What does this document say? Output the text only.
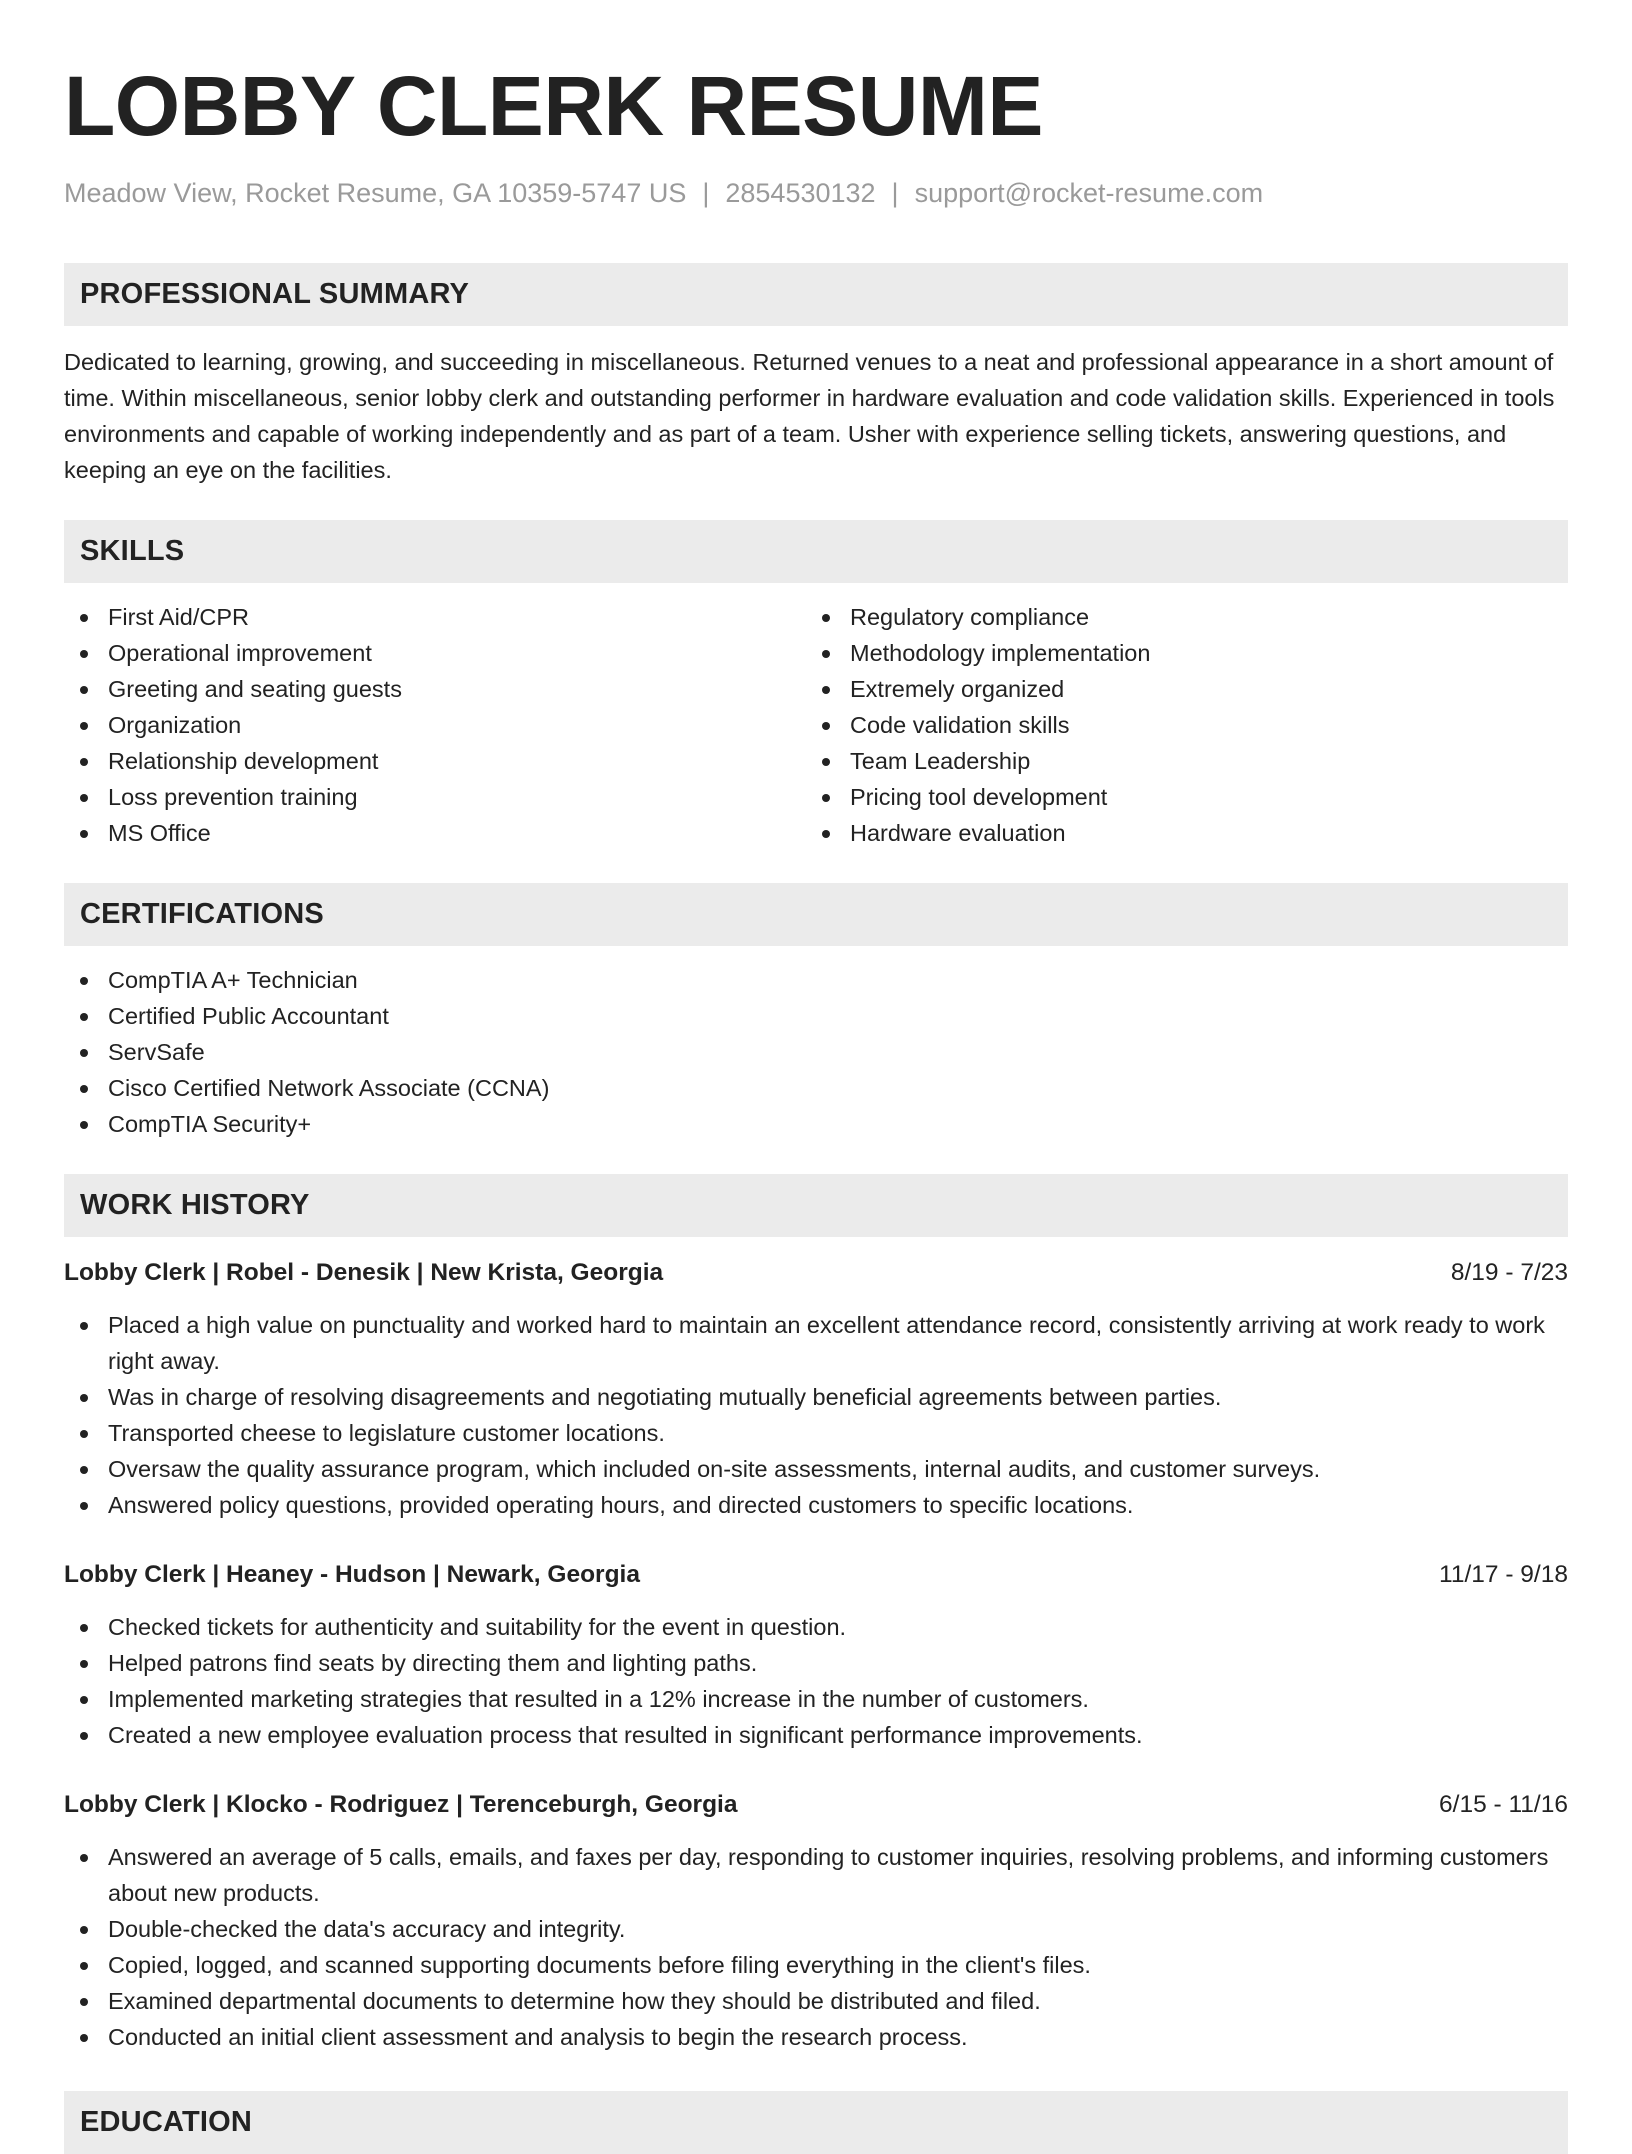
LOBBY CLERK RESUME
Meadow View, Rocket Resume, GA 10359-5747 US | 2854530132 | support@rocket-resume.com
PROFESSIONAL SUMMARY

Dedicated to learning, growing, and succeeding in miscellaneous. Returned venues to a neat and professional appearance in a short amount of time. Within miscellaneous, senior lobby clerk and outstanding performer in hardware evaluation and code validation skills. Experienced in tools environments and capable of working independently and as part of a team. Usher with experience selling tickets, answering questions, and keeping an eye on the facilities.

SKILLS
First Aid/CPR
Operational improvement
Greeting and seating guests
Organization
Relationship development
Loss prevention training
MS Office
Regulatory compliance
Methodology implementation
Extremely organized
Code validation skills
Team Leadership
Pricing tool development
Hardware evaluation
CERTIFICATIONS
CompTIA A+ Technician
Certified Public Accountant
ServSafe
Cisco Certified Network Associate (CCNA)
CompTIA Security+
WORK HISTORY
Lobby Clerk | Robel - Denesik | New Krista, Georgia	8/19 - 7/23
Placed a high value on punctuality and worked hard to maintain an excellent attendance record, consistently arriving at work ready to work right away.
Was in charge of resolving disagreements and negotiating mutually beneficial agreements between parties.
Transported cheese to legislature customer locations.
Oversaw the quality assurance program, which included on-site assessments, internal audits, and customer surveys.
Answered policy questions, provided operating hours, and directed customers to specific locations.
Lobby Clerk | Heaney - Hudson | Newark, Georgia	11/17 - 9/18
Checked tickets for authenticity and suitability for the event in question.
Helped patrons find seats by directing them and lighting paths.
Implemented marketing strategies that resulted in a 12% increase in the number of customers.
Created a new employee evaluation process that resulted in significant performance improvements.
Lobby Clerk | Klocko - Rodriguez | Terenceburgh, Georgia	6/15 - 11/16
Answered an average of 5 calls, emails, and faxes per day, responding to customer inquiries, resolving problems, and informing customers about new products.
Double-checked the data's accuracy and integrity.
Copied, logged, and scanned supporting documents before filing everything in the client's files.
Examined departmental documents to determine how they should be distributed and filed.
Conducted an initial client assessment and analysis to begin the research process.
EDUCATION
